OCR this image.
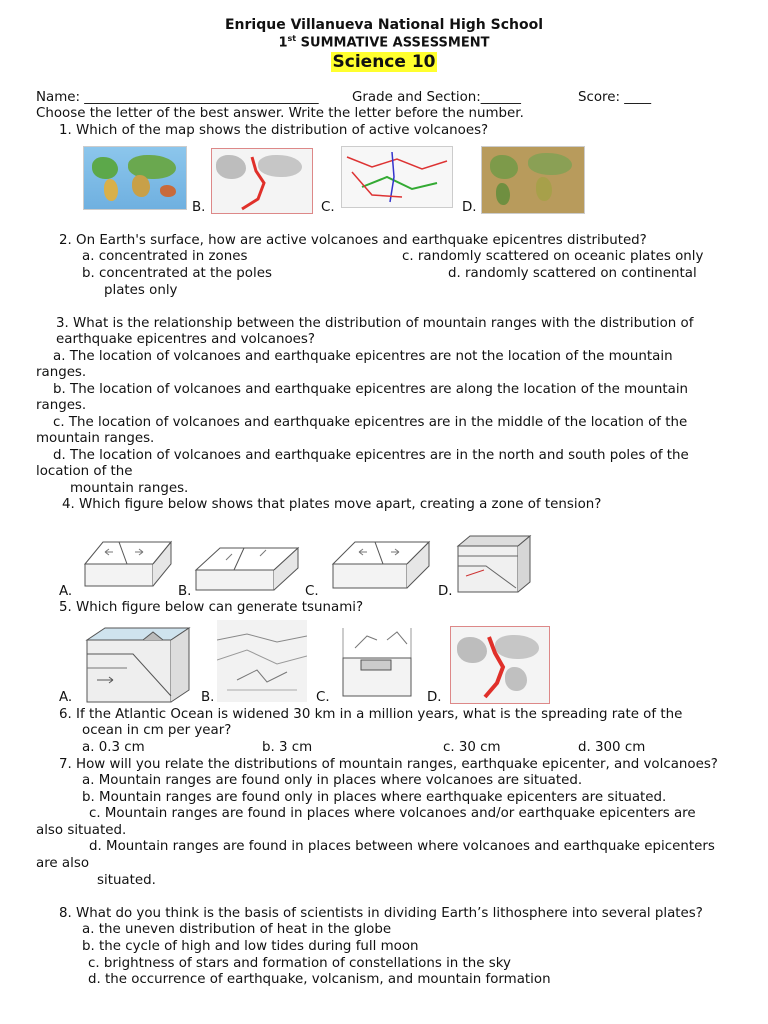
Enrique Villanueva National High School
1st SUMMATIVE ASSESSMENT
Science 10
Name: ___________________________________ Grade and Section:______	Score: ____
Choose the letter of the best answer. Write the letter before the number.
1. Which of the map shows the distribution of active volcanoes?
B.	C.	D.
2. On Earth's surface, how are active volcanoes and earthquake epicentres distributed?
a. concentrated in zones	c. randomly scattered on oceanic plates only
b. concentrated at the poles	d. randomly scattered on continental
plates only
3. What is the relationship between the distribution of mountain ranges with the distribution of
earthquake epicentres and volcanoes?
a. The location of volcanoes and earthquake epicentres are not the location of the mountain
ranges.
b. The location of volcanoes and earthquake epicentres are along the location of the mountain
ranges.
c. The location of volcanoes and earthquake epicentres are in the middle of the location of the
mountain ranges.
d. The location of volcanoes and earthquake epicentres are in the north and south poles of the
location of the
mountain ranges.
4. Which figure below shows that plates move apart, creating a zone of tension?
A.	B.	C.	D.
5. Which figure below can generate tsunami?
A.	B.	C.	D.
6. If the Atlantic Ocean is widened 30 km in a million years, what is the spreading rate of the
ocean in cm per year?
a. 0.3 cm	b. 3 cm	c. 30 cm	d. 300 cm
7. How will you relate the distributions of mountain ranges, earthquake epicenter, and volcanoes?
a. Mountain ranges are found only in places where volcanoes are situated.
b. Mountain ranges are found only in places where earthquake epicenters are situated.
c. Mountain ranges are found in places where volcanoes and/or earthquake epicenters are
also situated.
d. Mountain ranges are found in places between where volcanoes and earthquake epicenters
are also
situated.
8. What do you think is the basis of scientists in dividing Earth’s lithosphere into several plates?
a. the uneven distribution of heat in the globe
b. the cycle of high and low tides during full moon
c. brightness of stars and formation of constellations in the sky
d. the occurrence of earthquake, volcanism, and mountain formation
